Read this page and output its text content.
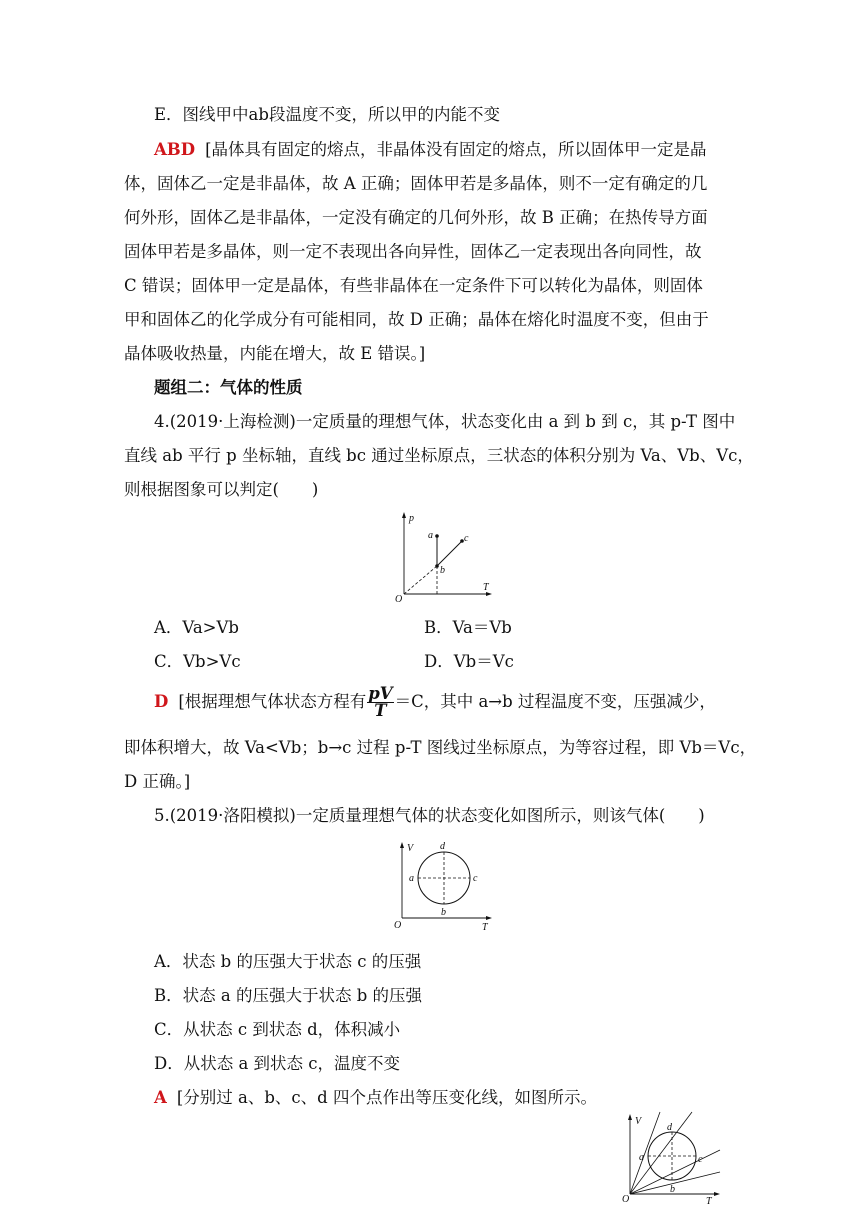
E．图线甲中ab段温度不变，所以甲的内能不变
ABD [晶体具有固定的熔点，非晶体没有固定的熔点，所以固体甲一定是晶
体，固体乙一定是非晶体，故 A 正确；固体甲若是多晶体，则不一定有确定的几
何外形，固体乙是非晶体，一定没有确定的几何外形，故 B 正确；在热传导方面
固体甲若是多晶体，则一定不表现出各向异性，固体乙一定表现出各向同性，故
C 错误；固体甲一定是晶体，有些非晶体在一定条件下可以转化为晶体，则固体
甲和固体乙的化学成分有可能相同，故 D 正确；晶体在熔化时温度不变，但由于
晶体吸收热量，内能在增大，故 E 错误。]
题组二：气体的性质
4.(2019·上海检测)一定质量的理想气体，状态变化由 a 到 b 到 c，其 p-T 图中
直线 ab 平行 p 坐标轴，直线 bc 通过坐标原点，三状态的体积分别为 Va、Vb、Vc，
则根据图象可以判定(　　)
p
T
O
a
b
c
A．Va>Vb	B．Va＝Vb
C．Vb>Vc	D．Vb＝Vc
D [根据理想气体状态方程有 $\frac{pV}{T} =C$，其中 a→b 过程温度不变，压强减少，
即体积增大，故 Va<Vb；b→c 过程 p-T 图线过坐标原点，为等容过程，即 Vb＝Vc，
D 正确。]
5.(2019·洛阳模拟)一定质量理想气体的状态变化如图所示，则该气体(　　)
V
T
O
a
b
c
d
A．状态 b 的压强大于状态 c 的压强
B．状态 a 的压强大于状态 b 的压强
C．从状态 c 到状态 d，体积减小
D．从状态 a 到状态 c，温度不变
A [分别过 a、b、c、d 四个点作出等压变化线，如图所示。
V
T
O
a
b
c
d
